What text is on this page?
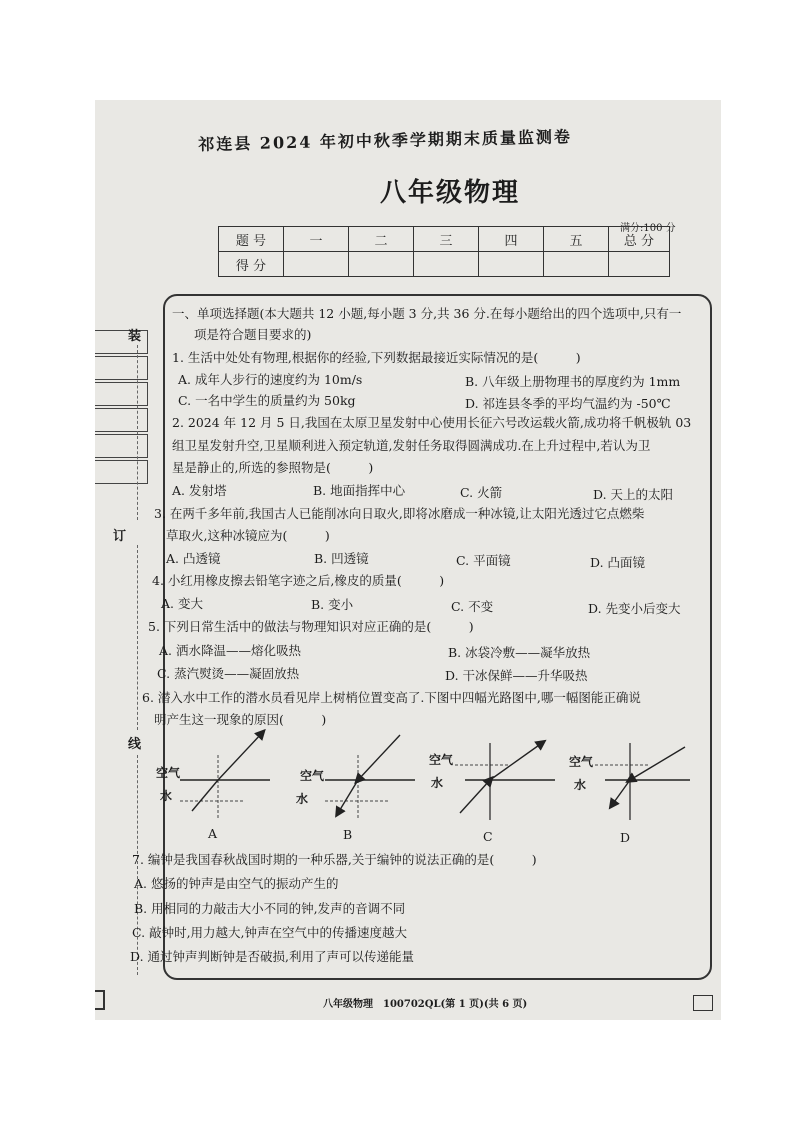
装
订
线
祁连县 2024 年初中秋季学期期末质量监测卷
八年级物理
满分:100 分
题 号	一	二	三	四	五	总 分
得 分						
一、单项选择题(本大题共 12 小题,每小题 3 分,共 36 分.在每小题给出的四个选项中,只有一
项是符合题目要求的)
1. 生活中处处有物理,根据你的经验,下列数据最接近实际情况的是(　　　)
A. 成年人步行的速度约为 10m/s	B. 八年级上册物理书的厚度约为 1mm
C. 一名中学生的质量约为 50kg	D. 祁连县冬季的平均气温约为 -50℃
2. 2024 年 12 月 5 日,我国在太原卫星发射中心使用长征六号改运载火箭,成功将千帆极轨 03
组卫星发射升空,卫星顺利进入预定轨道,发射任务取得圆满成功.在上升过程中,若认为卫
星是静止的,所选的参照物是(　　　)
A. 发射塔	B. 地面指挥中心	C. 火箭	D. 天上的太阳
3. 在两千多年前,我国古人已能削冰向日取火,即将冰磨成一种冰镜,让太阳光透过它点燃柴
草取火,这种冰镜应为(　　　)
A. 凸透镜	B. 凹透镜	C. 平面镜	D. 凸面镜
4. 小红用橡皮擦去铅笔字迹之后,橡皮的质量(　　　)
A. 变大	B. 变小	C. 不变	D. 先变小后变大
5. 下列日常生活中的做法与物理知识对应正确的是(　　　)
A. 洒水降温——熔化吸热	B. 冰袋冷敷——凝华放热
C. 蒸汽熨烫——凝固放热	D. 干冰保鲜——升华吸热
6. 潜入水中工作的潜水员看见岸上树梢位置变高了.下图中四幅光路图中,哪一幅图能正确说
明产生这一现象的原因(　　　)
空气
水
空气
水
空气
水
空气
水
A	B	C	D
7. 编钟是我国春秋战国时期的一种乐器,关于编钟的说法正确的是(　　　)
A. 悠扬的钟声是由空气的振动产生的
B. 用相同的力敲击大小不同的钟,发声的音调不同
C. 敲钟时,用力越大,钟声在空气中的传播速度越大
D. 通过钟声判断钟是否破损,利用了声可以传递能量
八年级物理　100702QL(第 1 页)(共 6 页)
